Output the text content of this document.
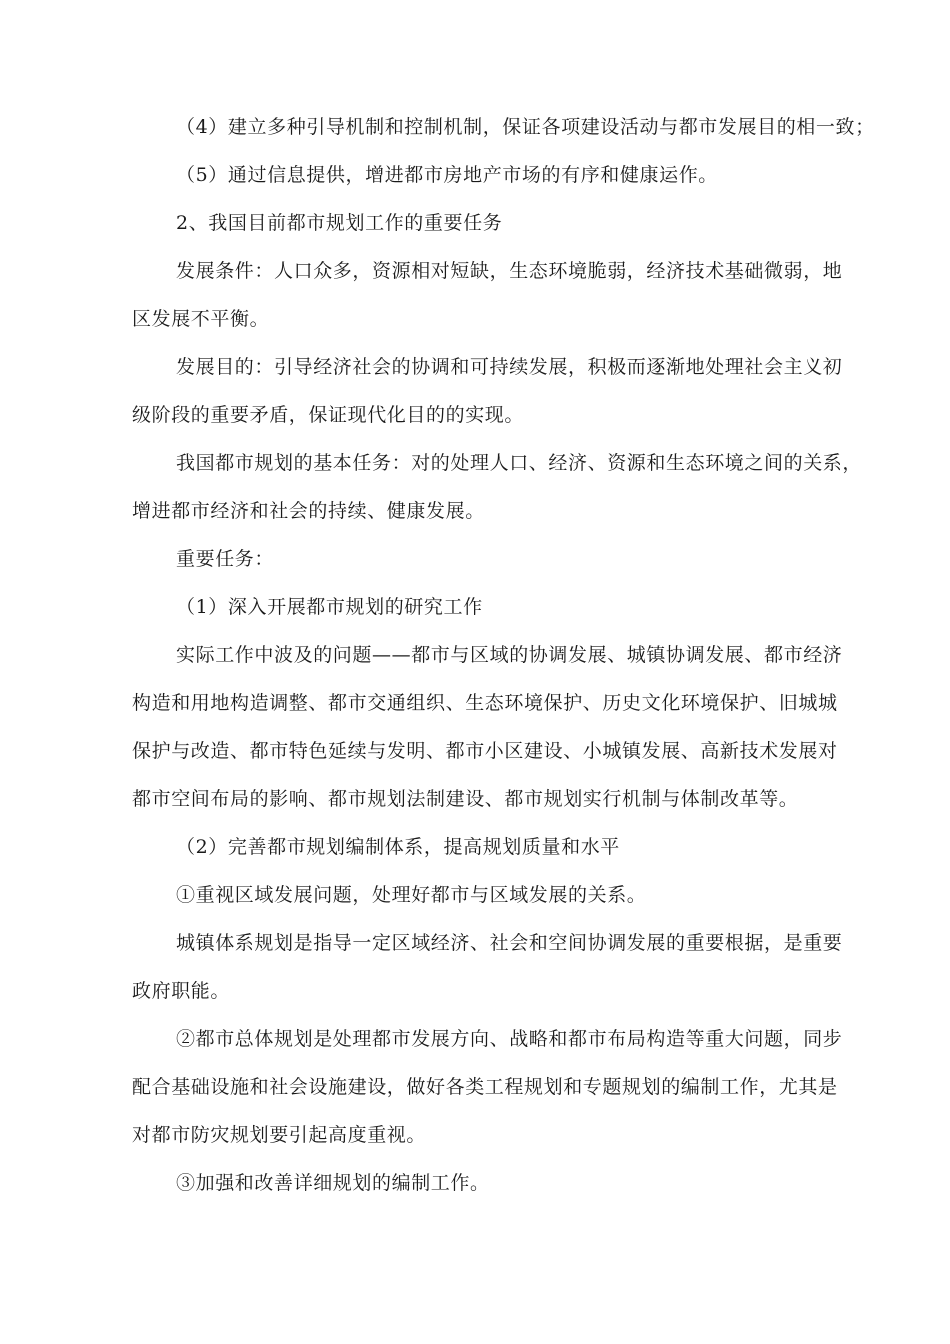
（4）建立多种引导机制和控制机制，保证各项建设活动与都市发展目的相一致；
（5）通过信息提供，增进都市房地产市场的有序和健康运作。
2、我国目前都市规划工作的重要任务
发展条件：人口众多，资源相对短缺，生态环境脆弱，经济技术基础微弱，地
区发展不平衡。
发展目的：引导经济社会的协调和可持续发展，积极而逐渐地处理社会主义初
级阶段的重要矛盾，保证现代化目的的实现。
我国都市规划的基本任务：对的处理人口、经济、资源和生态环境之间的关系，
增进都市经济和社会的持续、健康发展。
重要任务：
（1）深入开展都市规划的研究工作
实际工作中波及的问题——都市与区域的协调发展、城镇协调发展、都市经济
构造和用地构造调整、都市交通组织、生态环境保护、历史文化环境保护、旧城城
保护与改造、都市特色延续与发明、都市小区建设、小城镇发展、高新技术发展对
都市空间布局的影响、都市规划法制建设、都市规划实行机制与体制改革等。
（2）完善都市规划编制体系，提高规划质量和水平
①重视区域发展问题，处理好都市与区域发展的关系。
城镇体系规划是指导一定区域经济、社会和空间协调发展的重要根据，是重要
政府职能。
②都市总体规划是处理都市发展方向、战略和都市布局构造等重大问题，同步
配合基础设施和社会设施建设，做好各类工程规划和专题规划的编制工作，尤其是
对都市防灾规划要引起高度重视。
③加强和改善详细规划的编制工作。
